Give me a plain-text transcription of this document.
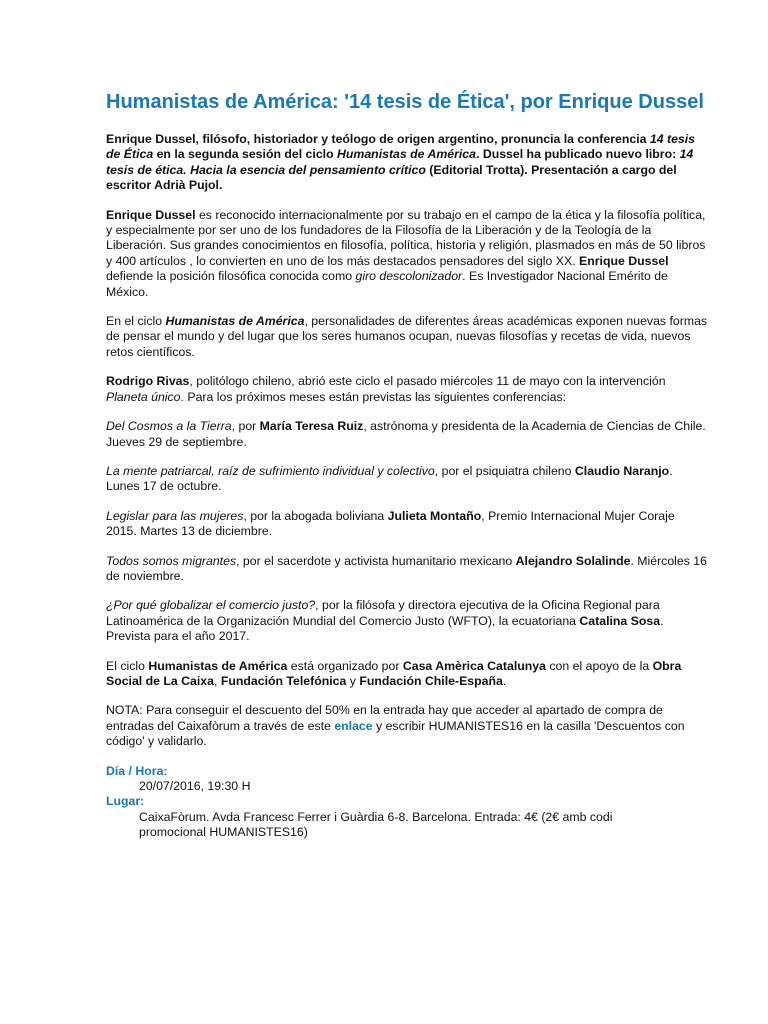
Humanistas de América: '14 tesis de Ética', por Enrique Dussel

Enrique Dussel, filósofo, historiador y teólogo de origen argentino, pronuncia la conferencia 14 tesis de Ética en la segunda sesión del ciclo Humanistas de América. Dussel ha publicado nuevo libro: 14 tesis de ética. Hacia la esencia del pensamiento crítico (Editorial Trotta). Presentación a cargo del escritor Adrià Pujol.

Enrique Dussel es reconocido internacionalmente por su trabajo en el campo de la ética y la filosofía política, y especialmente por ser uno de los fundadores de la Filosofía de la Liberación y de la Teología de la Liberación. Sus grandes conocimientos en filosofía, política, historia y religión, plasmados en más de 50 libros y 400 artículos , lo convierten en uno de los más destacados pensadores del siglo XX. Enrique Dussel defiende la posición filosófica conocida como giro descolonizador. Es Investigador Nacional Emérito de México.

En el ciclo Humanistas de América, personalidades de diferentes áreas académicas exponen nuevas formas de pensar el mundo y del lugar que los seres humanos ocupan, nuevas filosofías y recetas de vida, nuevos retos científicos.

Rodrigo Rivas, politólogo chileno, abrió este ciclo el pasado miércoles 11 de mayo con la intervención Planeta único. Para los próximos meses están previstas las siguientes conferencias:

Del Cosmos a la Tierra, por María Teresa Ruiz, astrónoma y presidenta de la Academia de Ciencias de Chile. Jueves 29 de septiembre.

La mente patriarcal, raíz de sufrimiento individual y colectivo, por el psiquiatra chileno Claudio Naranjo. Lunes 17 de octubre.

Legislar para las mujeres, por la abogada boliviana Julieta Montaño, Premio Internacional Mujer Coraje 2015. Martes 13 de diciembre.

Todos somos migrantes, por el sacerdote y activista humanitario mexicano Alejandro Solalinde. Miércoles 16 de noviembre.

¿Por qué globalizar el comercio justo?, por la filósofa y directora ejecutiva de la Oficina Regional para Latinoamérica de la Organización Mundial del Comercio Justo (WFTO), la ecuatoriana Catalina Sosa. Prevista para el año 2017.

El ciclo Humanistas de América está organizado por Casa Amèrica Catalunya con el apoyo de la Obra Social de La Caixa, Fundación Telefónica y Fundación Chile-España.

NOTA: Para conseguir el descuento del 50% en la entrada hay que acceder al apartado de compra de entradas del Caixafòrum a través de este enlace y escribir HUMANISTES16 en la casilla 'Descuentos con código' y validarlo.

Día / Hora:
20/07/2016, 19:30 H
Lugar:
CaixaFòrum. Avda Francesc Ferrer i Guàrdia 6-8. Barcelona. Entrada: 4€ (2€ amb codi promocional HUMANISTES16)
